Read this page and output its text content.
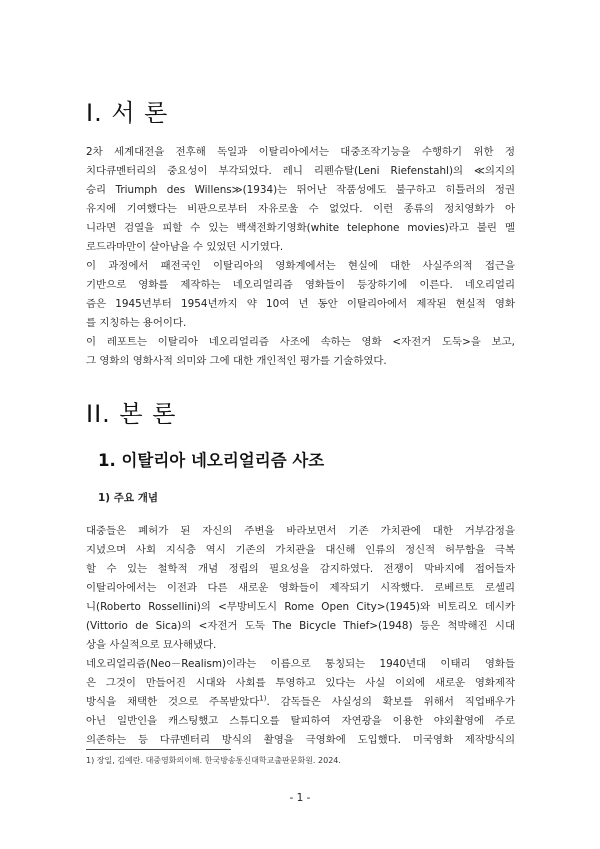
I. 서 론
2차 세계대전을 전후해 독일과 이탈리아에서는 대중조작기능을 수행하기 위한 정
치다큐멘터리의 중요성이 부각되었다. 레니 리펜슈탈(Leni Riefenstahl)의 ≪의지의
승리 Triumph des Willens≫(1934)는 뛰어난 작품성에도 불구하고 히틀러의 정권
유지에 기여했다는 비판으로부터 자유로울 수 없었다. 이런 종류의 정치영화가 아
니라면 검열을 피할 수 있는 백색전화기영화(white telephone movies)라고 불린 멜
로드라마만이 살아남을 수 있었던 시기였다.
이 과정에서 패전국인 이탈리아의 영화계에서는 현실에 대한 사실주의적 접근을
기반으로 영화를 제작하는 네오리얼리즘 영화들이 등장하기에 이른다. 네오리얼리
즘은 1945년부터 1954년까지 약 10여 년 동안 이탈리아에서 제작된 현실적 영화
를 지칭하는 용어이다.
이 레포트는 이탈리아 네오리얼리즘 사조에 속하는 영화 <자전거 도둑>을 보고,
그 영화의 영화사적 의미와 그에 대한 개인적인 평가를 기술하였다.
II. 본 론
1. 이탈리아 네오리얼리즘 사조
1) 주요 개념
대중들은 폐허가 된 자신의 주변을 바라보면서 기존 가치관에 대한 거부감정을
지녔으며 사회 지식층 역시 기존의 가치관을 대신해 인류의 정신적 허무함을 극복
할 수 있는 철학적 개념 정립의 필요성을 감지하였다. 전쟁이 막바지에 접어들자
이탈리아에서는 이전과 다른 새로운 영화들이 제작되기 시작했다. 로베르토 로셀리
니(Roberto Rossellini)의 <무방비도시 Rome Open City>(1945)와 비토리오 데시카
(Vittorio de Sica)의 <자전거 도둑 The Bicycle Thief>(1948) 등은 척박해진 시대
상을 사실적으로 묘사해냈다.
네오리얼리즘(Neo－Realism)이라는 이름으로 통칭되는 1940년대 이태리 영화들
은 그것이 만들어진 시대와 사회를 투영하고 있다는 사실 이외에 새로운 영화제작
방식을 채택한 것으로 주목받았다$^{1)}$. 감독들은 사실성의 확보를 위해서 직업배우가
아닌 일반인을 캐스팅했고 스튜디오를 탈피하여 자연광을 이용한 야외촬영에 주로
의존하는 등 다큐멘터리 방식의 촬영을 극영화에 도입했다. 미국영화 제작방식의
1) 장일, 김예란. 대중영화의이해. 한국방송통신대학교출판문화원. 2024.
- 1 -
